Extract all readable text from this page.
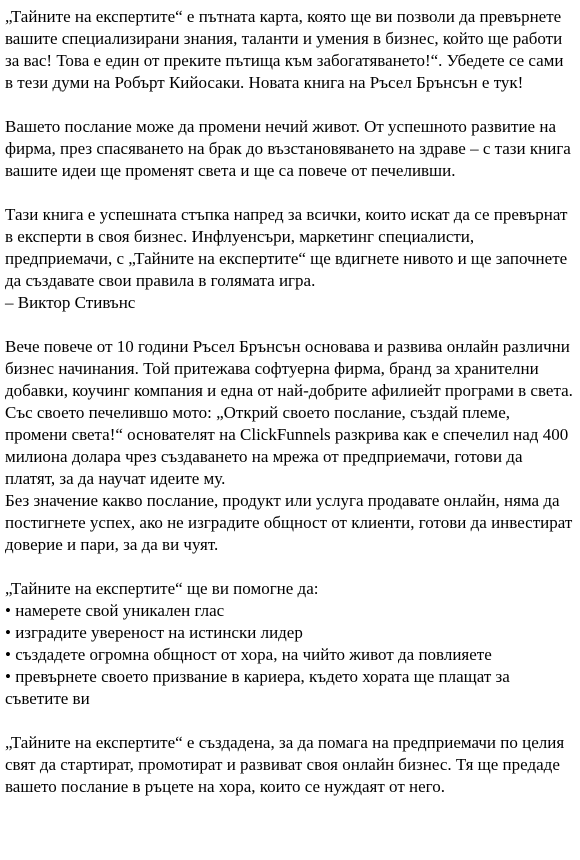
„Тайните на експертите“ е пътната карта, която ще ви позволи да превърнете вашите специализирани знания, таланти и умения в бизнес, който ще работи за вас! Това е един от преките пътища към забогатяването!“. Убедете се сами в тези думи на Робърт Кийосаки. Новата книга на Ръсел Брънсън е тук!

Вашето послание може да промени нечий живот. От успешното развитие на фирма, през спасяването на брак до възстановяването на здраве – с тази книга вашите идеи ще променят света и ще са повече от печеливши.

Тази книга е успешната стъпка напред за всички, които искат да се превърнат в експерти в своя бизнес. Инфлуенсъри, маркетинг специалисти, предприемачи, с „Тайните на експертите“ ще вдигнете нивото и ще започнете да създавате свои правила в голямата игра.

– Виктор Стивънс

Вече повече от 10 години Ръсел Брънсън основава и развива онлайн различни бизнес начинания. Той притежава софтуерна фирма, бранд за хранителни добавки, коучинг компания и една от най-добрите афилиейт програми в света. Със своето печелившо мото: „Открий своето послание, създай племе, промени света!“ основателят на ClickFunnels разкрива как е спечелил над 400 милиона долара чрез създаването на мрежа от предприемачи, готови да платят, за да научат идеите му.

Без значение какво послание, продукт или услуга продавате онлайн, няма да постигнете успех, ако не изградите общност от клиенти, готови да инвестират доверие и пари, за да ви чуят.

„Тайните на експертите“ ще ви помогне да:

• намерете свой уникален глас
• изградите увереност на истински лидер
• създадете огромна общност от хора, на чийто живот да повлияете
• превърнете своето призвание в кариера, където хората ще плащат за съветите ви

„Тайните на експертите“ е създадена, за да помага на предприемачи по целия свят да стартират, промотират и развиват своя онлайн бизнес. Тя ще предаде вашето послание в ръцете на хора, които се нуждаят от него.
